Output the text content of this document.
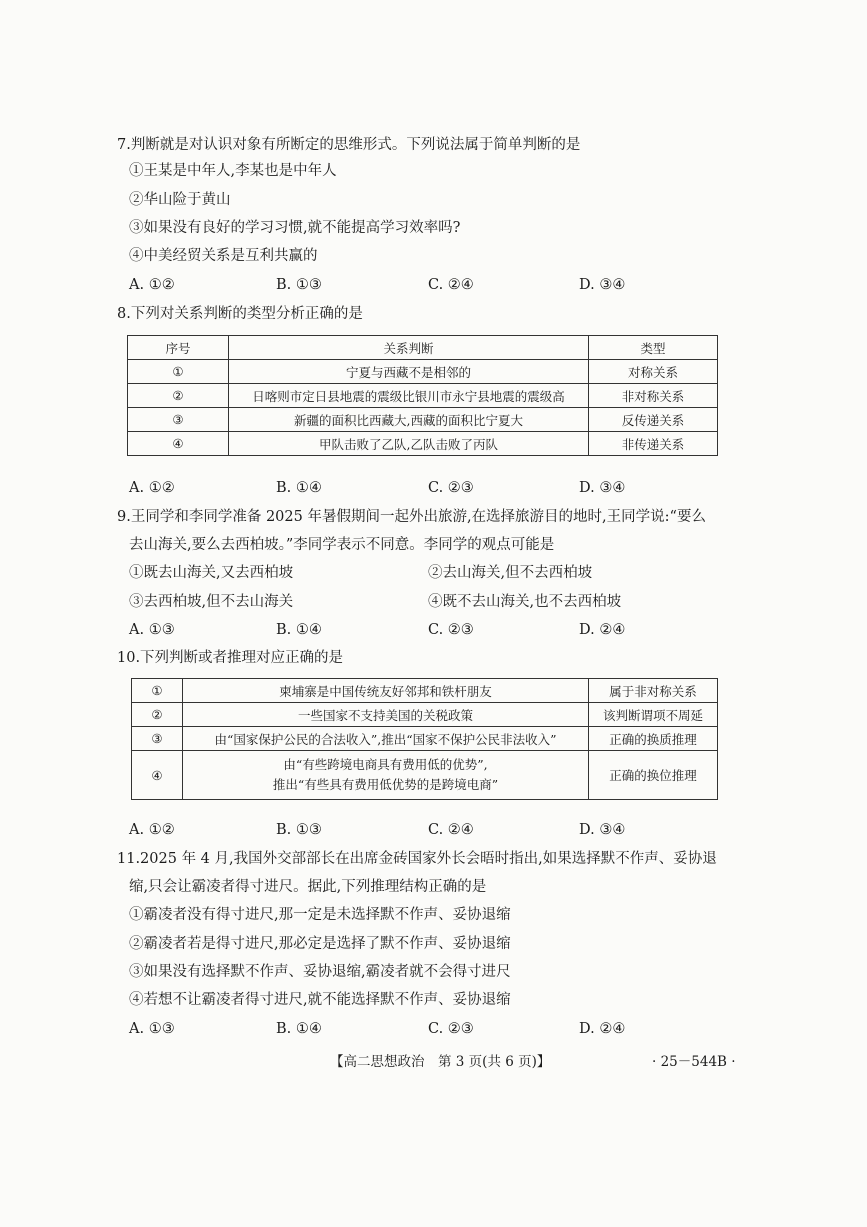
7.判断就是对认识对象有所断定的思维形式。下列说法属于简单判断的是
①王某是中年人,李某也是中年人
②华山险于黄山
③如果没有良好的学习习惯,就不能提高学习效率吗?
④中美经贸关系是互利共赢的
A. ①②	B. ①③	C. ②④	D. ③④
8.下列对关系判断的类型分析正确的是
序号	关系判断	类型
①	宁夏与西藏不是相邻的	对称关系
②	日喀则市定日县地震的震级比银川市永宁县地震的震级高	非对称关系
③	新疆的面积比西藏大,西藏的面积比宁夏大	反传递关系
④	甲队击败了乙队,乙队击败了丙队	非传递关系
A. ①②	B. ①④	C. ②③	D. ③④
9.王同学和李同学准备 2025 年暑假期间一起外出旅游,在选择旅游目的地时,王同学说:“要么
去山海关,要么去西柏坡。”李同学表示不同意。李同学的观点可能是
①既去山海关,又去西柏坡	②去山海关,但不去西柏坡
③去西柏坡,但不去山海关	④既不去山海关,也不去西柏坡
A. ①③	B. ①④	C. ②③	D. ②④
10.下列判断或者推理对应正确的是
①	柬埔寨是中国传统友好邻邦和铁杆朋友	属于非对称关系
②	一些国家不支持美国的关税政策	该判断谓项不周延
③	由“国家保护公民的合法收入”,推出“国家不保护公民非法收入”	正确的换质推理
④	由“有些跨境电商具有费用低的优势”,
推出“有些具有费用低优势的是跨境电商”	正确的换位推理
A. ①②	B. ①③	C. ②④	D. ③④
11.2025 年 4 月,我国外交部部长在出席金砖国家外长会晤时指出,如果选择默不作声、妥协退
缩,只会让霸凌者得寸进尺。据此,下列推理结构正确的是
①霸凌者没有得寸进尺,那一定是未选择默不作声、妥协退缩
②霸凌者若是得寸进尺,那必定是选择了默不作声、妥协退缩
③如果没有选择默不作声、妥协退缩,霸凌者就不会得寸进尺
④若想不让霸凌者得寸进尺,就不能选择默不作声、妥协退缩
A. ①③	B. ①④	C. ②③	D. ②④
【高二思想政治　第 3 页(共 6 页)】	· 25－544B ·
